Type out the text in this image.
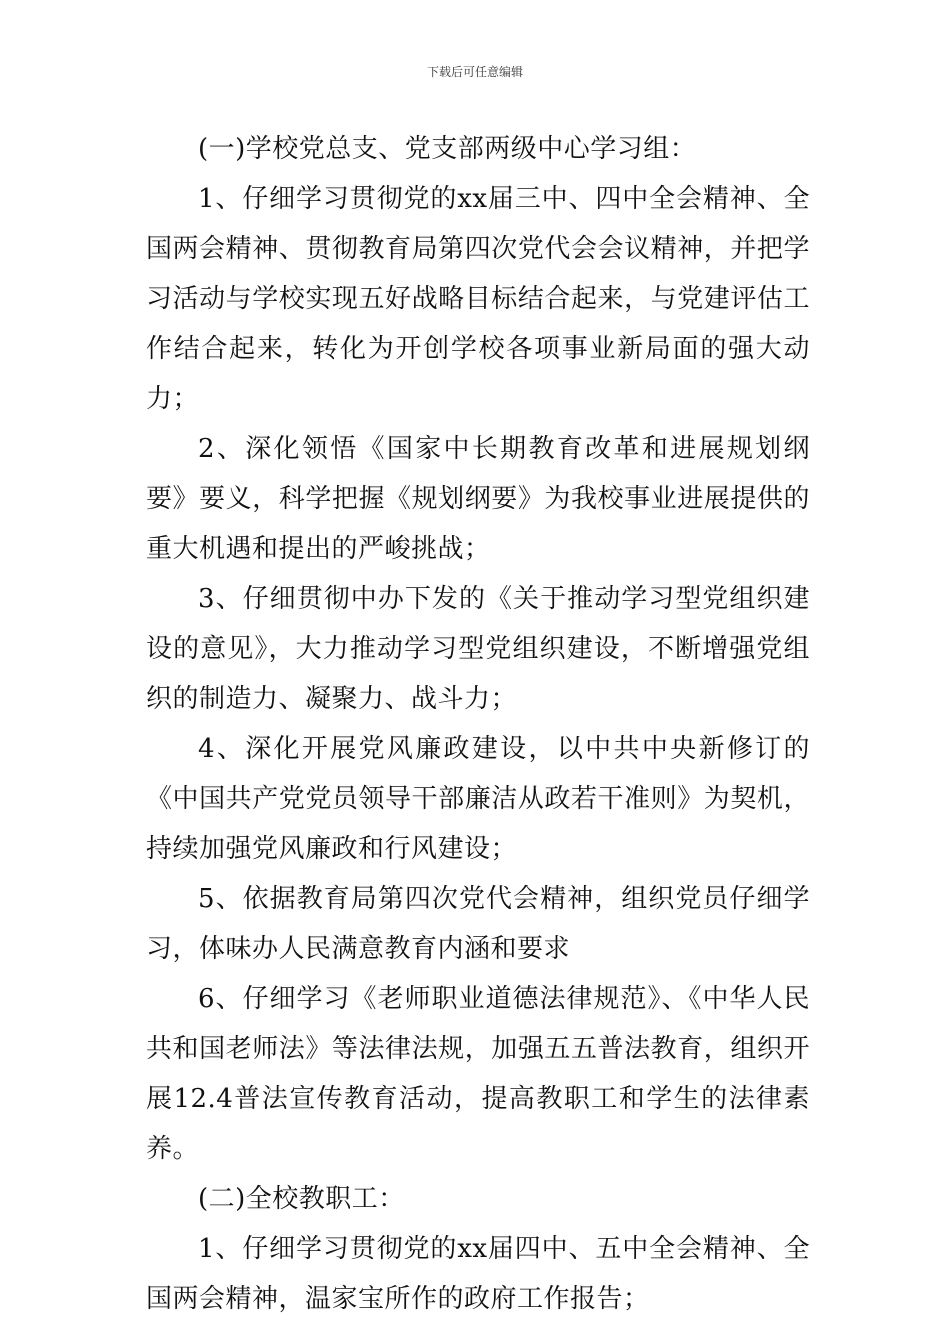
下载后可任意编辑

(一)学校党总支、党支部两级中心学习组：

1、仔细学习贯彻党的xx届三中、四中全会精神、全国两会精神、贯彻教育局第四次党代会会议精神，并把学习活动与学校实现五好战略目标结合起来，与党建评估工作结合起来，转化为开创学校各项事业新局面的强大动力；

2、深化领悟《国家中长期教育改革和进展规划纲要》要义，科学把握《规划纲要》为我校事业进展提供的重大机遇和提出的严峻挑战；

3、仔细贯彻中办下发的《关于推动学习型党组织建设的意见》，大力推动学习型党组织建设，不断增强党组织的制造力、凝聚力、战斗力；

4、深化开展党风廉政建设，以中共中央新修订的《中国共产党党员领导干部廉洁从政若干准则》为契机，持续加强党风廉政和行风建设；

5、依据教育局第四次党代会精神，组织党员仔细学习，体味办人民满意教育内涵和要求

6、仔细学习《老师职业道德法律规范》、《中华人民共和国老师法》等法律法规，加强五五普法教育，组织开展12.4普法宣传教育活动，提高教职工和学生的法律素养。

(二)全校教职工：

1、仔细学习贯彻党的xx届四中、五中全会精神、全国两会精神，温家宝所作的政府工作报告；
